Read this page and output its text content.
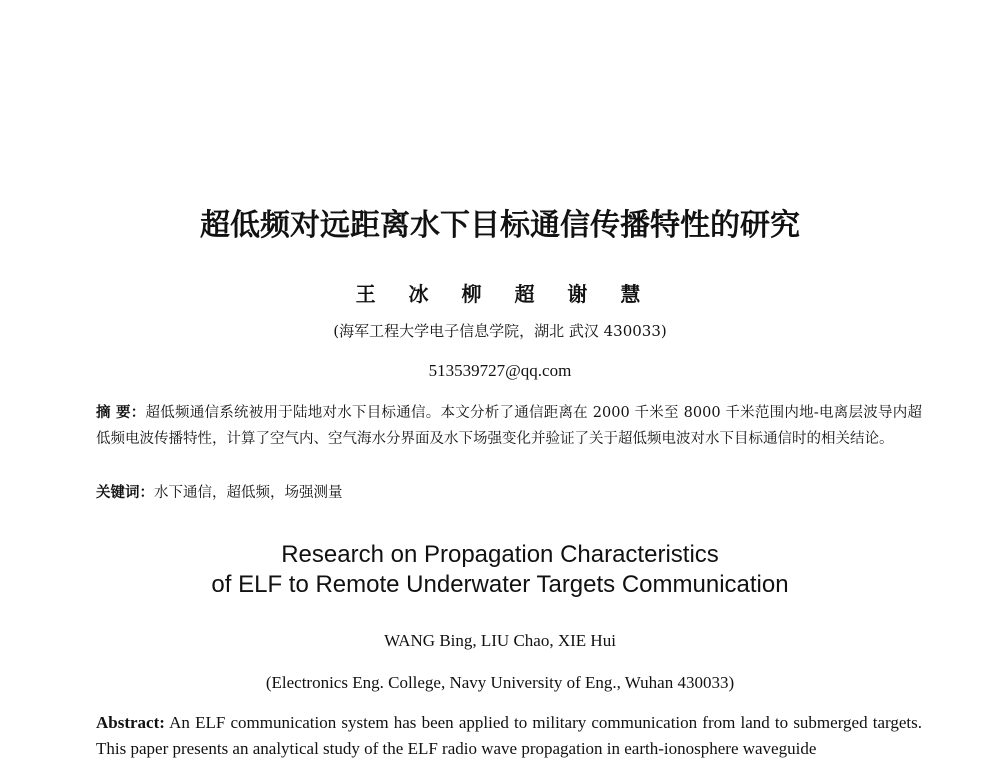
超低频对远距离水下目标通信传播特性的研究
王 冰 柳 超 谢 慧
(海军工程大学电子信息学院，湖北 武汉 430033)
513539727@qq.com
摘 要：超低频通信系统被用于陆地对水下目标通信。本文分析了通信距离在 2000 千米至 8000 千米范围内地-电离层波导内超低频电波传播特性，计算了空气内、空气海水分界面及水下场强变化并验证了关于超低频电波对水下目标通信时的相关结论。
关键词：水下通信，超低频，场强测量
Research on Propagation Characteristics
of ELF to Remote Underwater Targets Communication
WANG Bing, LIU Chao, XIE Hui
(Electronics Eng. College, Navy University of Eng., Wuhan 430033)
Abstract: An ELF communication system has been applied to military communication from land to submerged targets. This paper presents an analytical study of the ELF radio wave propagation in earth-ionosphere waveguide
